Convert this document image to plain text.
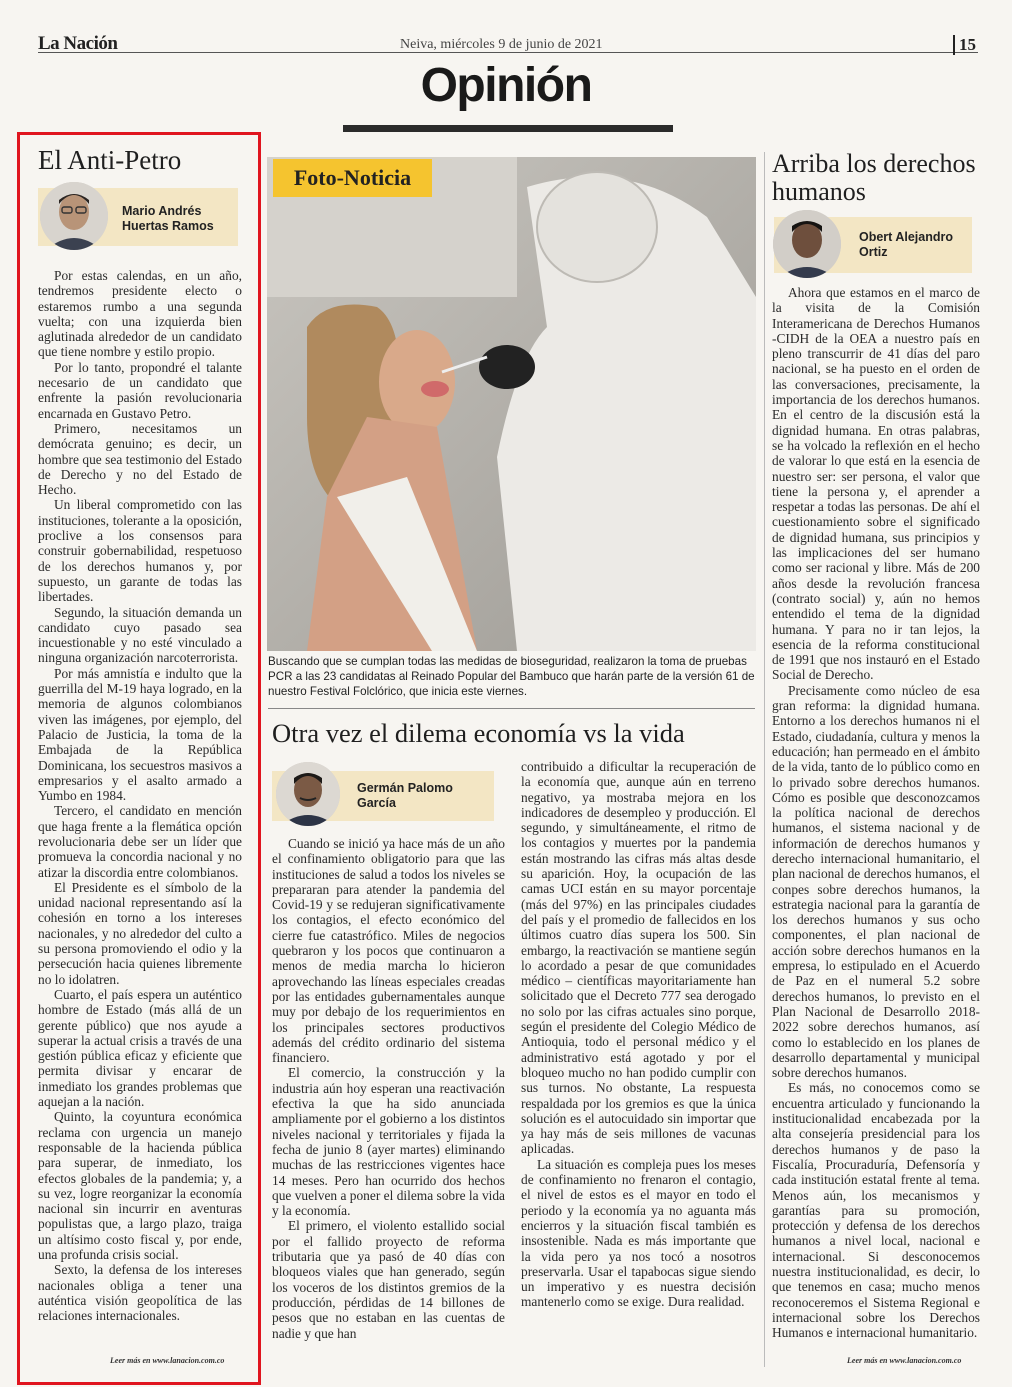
La Nación	Neiva, miércoles 9 de junio de 2021	15
Opinión
El Anti-Petro
Mario Andrés Huertas Ramos

Por estas calendas, en un año, tendremos presidente electo o estaremos rumbo a una segunda vuelta; con una izquierda bien aglutinada alrededor de un candidato que tiene nombre y estilo propio.

Por lo tanto, propondré el talante necesario de un candidato que enfrente la pasión revolucionaria encarnada en Gustavo Petro.

Primero, necesitamos un demócrata genuino; es decir, un hombre que sea testimonio del Estado de Derecho y no del Estado de Hecho.

Un liberal comprometido con las instituciones, tolerante a la oposición, proclive a los consensos para construir gobernabilidad, respetuoso de los derechos humanos y, por supuesto, un garante de todas las libertades.

Segundo, la situación demanda un candidato cuyo pasado sea incuestionable y no esté vinculado a ninguna organización narcoterrorista.

Por más amnistía e indulto que la guerrilla del M-19 haya logrado, en la memoria de algunos colombianos viven las imágenes, por ejemplo, del Palacio de Justicia, la toma de la Embajada de la República Dominicana, los secuestros masivos a empresarios y el asalto armado a Yumbo en 1984.

Tercero, el candidato en mención que haga frente a la flemática opción revolucionaria debe ser un líder que promueva la concordia nacional y no atizar la discordia entre colombianos.

El Presidente es el símbolo de la unidad nacional representando así la cohesión en torno a los intereses nacionales, y no alrededor del culto a su persona promoviendo el odio y la persecución hacia quienes libremente no lo idolatren.

Cuarto, el país espera un auténtico hombre de Estado (más allá de un gerente público) que nos ayude a superar la actual crisis a través de una gestión pública eficaz y eficiente que permita divisar y encarar de inmediato los grandes problemas que aquejan a la nación.

Quinto, la coyuntura económica reclama con urgencia un manejo responsable de la hacienda pública para superar, de inmediato, los efectos globales de la pandemia; y, a su vez, logre reorganizar la economía nacional sin incurrir en aventuras populistas que, a largo plazo, traiga un altísimo costo fiscal y, por ende, una profunda crisis social.

Sexto, la defensa de los intereses nacionales obliga a tener una auténtica visión geopolítica de las relaciones internacionales.

Leer más en www.lanacion.com.co
Foto-Noticia
Buscando que se cumplan todas las medidas de bioseguridad, realizaron la toma de pruebas PCR a las 23 candidatas al Reinado Popular del Bambuco que harán parte de la versión 61 de nuestro Festival Folclórico, que inicia este viernes.
Otra vez el dilema economía vs la vida
Germán Palomo García

Cuando se inició ya hace más de un año el confinamiento obligatorio para que las instituciones de salud a todos los niveles se prepararan para atender la pandemia del Covid-19 y se redujeran significativamente los contagios, el efecto económico del cierre fue catastrófico. Miles de negocios quebraron y los pocos que continuaron a menos de media marcha lo hicieron aprovechando las líneas especiales creadas por las entidades gubernamentales aunque muy por debajo de los requerimientos en los principales sectores productivos además del crédito ordinario del sistema financiero.

El comercio, la construcción y la industria aún hoy esperan una reactivación efectiva la que ha sido anunciada ampliamente por el gobierno a los distintos niveles nacional y territoriales y fijada la fecha de junio 8 (ayer martes) eliminando muchas de las restricciones vigentes hace 14 meses. Pero han ocurrido dos hechos que vuelven a poner el dilema sobre la vida y la economía.

El primero, el violento estallido social por el fallido proyecto de reforma tributaria que ya pasó de 40 días con bloqueos viales que han generado, según los voceros de los distintos gremios de la producción, pérdidas de 14 billones de pesos que no estaban en las cuentas de nadie y que han

contribuido a dificultar la recuperación de la economía que, aunque aún en terreno negativo, ya mostraba mejora en los indicadores de desempleo y producción. El segundo, y simultáneamente, el ritmo de los contagios y muertes por la pandemia están mostrando las cifras más altas desde su aparición. Hoy, la ocupación de las camas UCI están en su mayor porcentaje (más del 97%) en las principales ciudades del país y el promedio de fallecidos en los últimos cuatro días supera los 500. Sin embargo, la reactivación se mantiene según lo acordado a pesar de que comunidades médico – científicas mayoritariamente han solicitado que el Decreto 777 sea derogado no solo por las cifras actuales sino porque, según el presidente del Colegio Médico de Antioquia, todo el personal médico y el administrativo está agotado y por el bloqueo mucho no han podido cumplir con sus turnos. No obstante, La respuesta respaldada por los gremios es que la única solución es el autocuidado sin importar que ya hay más de seis millones de vacunas aplicadas.

La situación es compleja pues los meses de confinamiento no frenaron el contagio, el nivel de estos es el mayor en todo el periodo y la economía ya no aguanta más encierros y la situación fiscal también es insostenible. Nada es más importante que la vida pero ya nos tocó a nosotros preservarla. Usar el tapabocas sigue siendo un imperativo y es nuestra decisión mantenerlo como se exige. Dura realidad.

Arriba los derechos humanos
Obert Alejandro Ortiz

Ahora que estamos en el marco de la visita de la Comisión Interamericana de Derechos Humanos -CIDH de la OEA a nuestro país en pleno transcurrir de 41 días del paro nacional, se ha puesto en el orden de las conversaciones, precisamente, la importancia de los derechos humanos. En el centro de la discusión está la dignidad humana. En otras palabras, se ha volcado la reflexión en el hecho de valorar lo que está en la esencia de nuestro ser: ser persona, el valor que tiene la persona y, el aprender a respetar a todas las personas. De ahí el cuestionamiento sobre el significado de dignidad humana, sus principios y las implicaciones del ser humano como ser racional y libre. Más de 200 años desde la revolución francesa (contrato social) y, aún no hemos entendido el tema de la dignidad humana. Y para no ir tan lejos, la esencia de la reforma constitucional de 1991 que nos instauró en el Estado Social de Derecho.

Precisamente como núcleo de esa gran reforma: la dignidad humana. Entorno a los derechos humanos ni el Estado, ciudadanía, cultura y menos la educación; han permeado en el ámbito de la vida, tanto de lo público como en lo privado sobre derechos humanos. Cómo es posible que desconozcamos la política nacional de derechos humanos, el sistema nacional y de información de derechos humanos y derecho internacional humanitario, el plan nacional de derechos humanos, el conpes sobre derechos humanos, la estrategia nacional para la garantía de los derechos humanos y sus ocho componentes, el plan nacional de acción sobre derechos humanos en la empresa, lo estipulado en el Acuerdo de Paz en el numeral 5.2 sobre derechos humanos, lo previsto en el Plan Nacional de Desarrollo 2018-2022 sobre derechos humanos, así como lo establecido en los planes de desarrollo departamental y municipal sobre derechos humanos.

Es más, no conocemos como se encuentra articulado y funcionando la institucionalidad encabezada por la alta consejería presidencial para los derechos humanos y de paso la Fiscalía, Procuraduría, Defensoría y cada institución estatal frente al tema. Menos aún, los mecanismos y garantías para su promoción, protección y defensa de los derechos humanos a nivel local, nacional e internacional. Si desconocemos nuestra institucionalidad, es decir, lo que tenemos en casa; mucho menos reconoceremos el Sistema Regional e internacional sobre los Derechos Humanos e internacional humanitario.

Leer más en www.lanacion.com.co
